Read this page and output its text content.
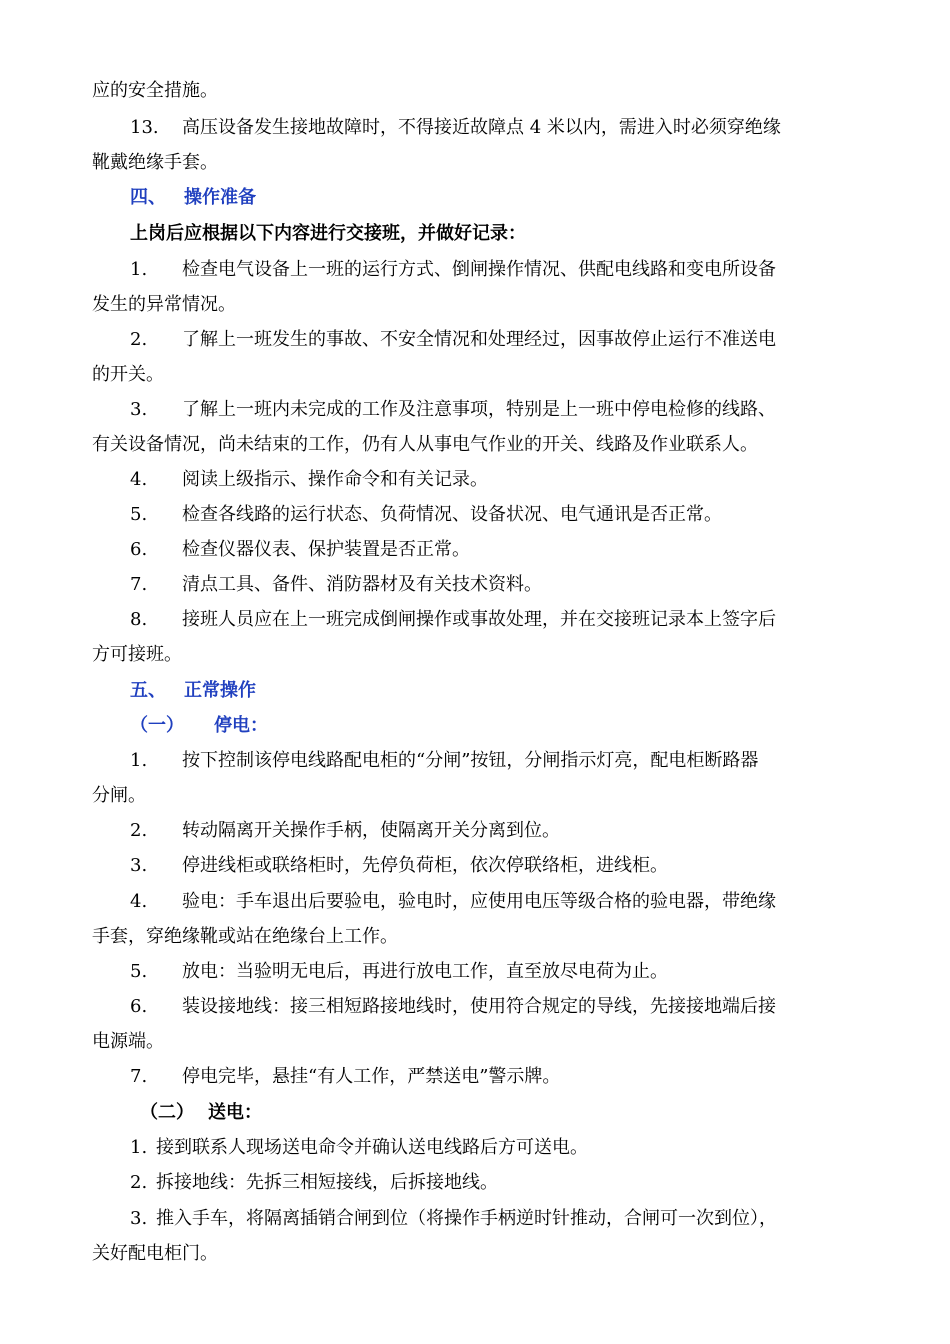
应的安全措施。
13. 高压设备发生接地故障时，不得接近故障点 4 米以内，需进入时必须穿绝缘
靴戴绝缘手套。
四、 操作准备
上岗后应根据以下内容进行交接班，并做好记录：
1. 检查电气设备上一班的运行方式、倒闸操作情况、供配电线路和变电所设备
发生的异常情况。
2. 了解上一班发生的事故、不安全情况和处理经过，因事故停止运行不准送电
的开关。
3. 了解上一班内未完成的工作及注意事项，特别是上一班中停电检修的线路、
有关设备情况，尚未结束的工作，仍有人从事电气作业的开关、线路及作业联系人。
4. 阅读上级指示、操作命令和有关记录。
5. 检查各线路的运行状态、负荷情况、设备状况、电气通讯是否正常。
6. 检查仪器仪表、保护装置是否正常。
7. 清点工具、备件、消防器材及有关技术资料。
8. 接班人员应在上一班完成倒闸操作或事故处理，并在交接班记录本上签字后
方可接班。
五、 正常操作
（一） 停电：
1. 按下控制该停电线路配电柜的“分闸”按钮，分闸指示灯亮，配电柜断路器
分闸。
2. 转动隔离开关操作手柄，使隔离开关分离到位。
3. 停进线柜或联络柜时，先停负荷柜，依次停联络柜，进线柜。
4. 验电：手车退出后要验电，验电时，应使用电压等级合格的验电器，带绝缘
手套，穿绝缘靴或站在绝缘台上工作。
5. 放电：当验明无电后，再进行放电工作，直至放尽电荷为止。
6. 装设接地线：接三相短路接地线时，使用符合规定的导线，先接接地端后接
电源端。
7. 停电完毕，悬挂“有人工作，严禁送电”警示牌。
（二） 送电：
1. 接到联系人现场送电命令并确认送电线路后方可送电。
2. 拆接地线：先拆三相短接线，后拆接地线。
3. 推入手车，将隔离插销合闸到位（将操作手柄逆时针推动，合闸可一次到位），
关好配电柜门。
